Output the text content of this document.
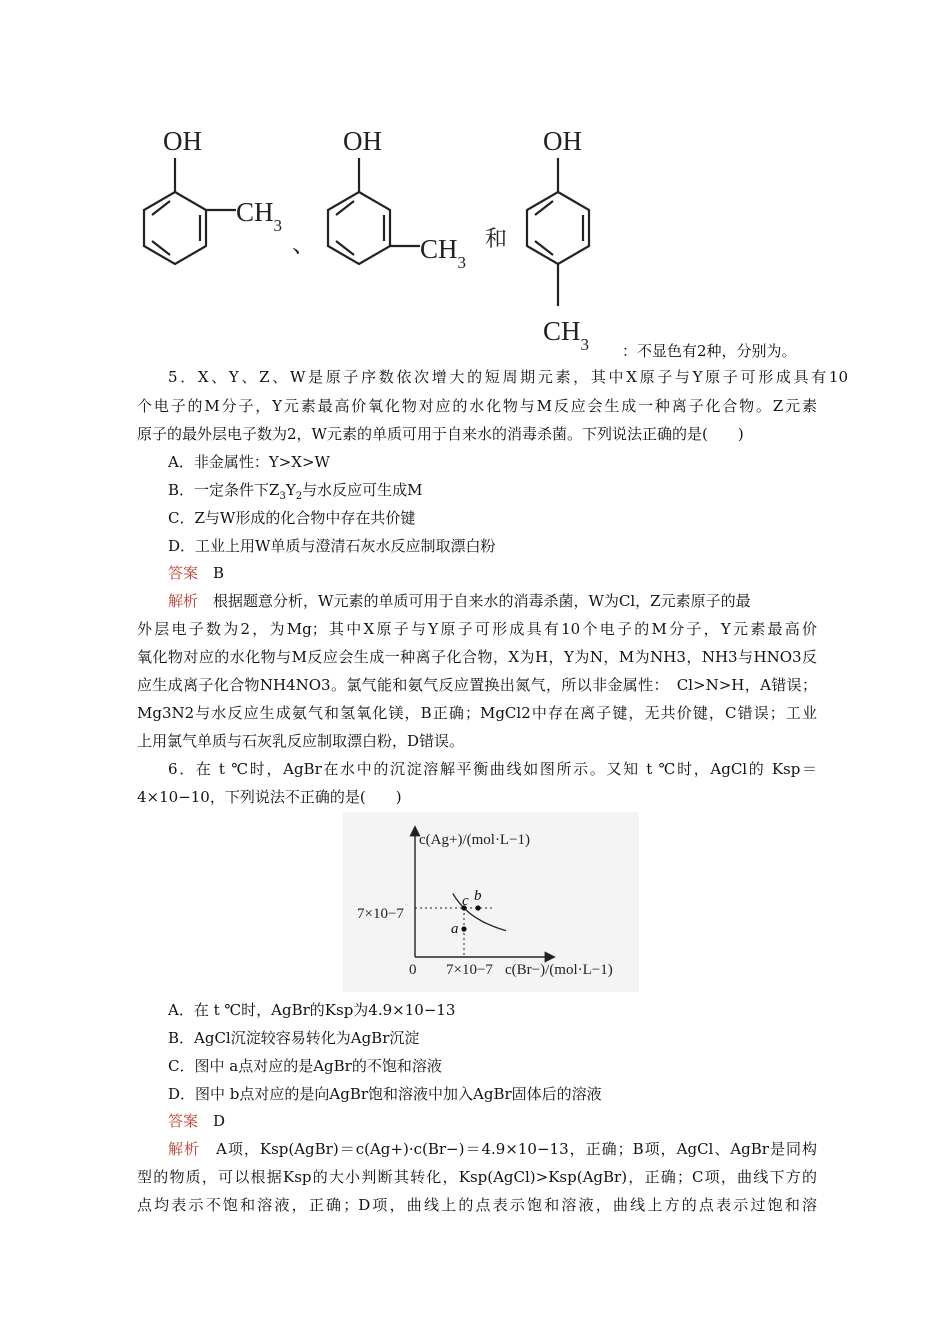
OH
$CH_3$
OH
$CH_3$
OH
$CH_3$
、	和
：不显色有2种，分别为。
5．X、Y、Z、W是原子序数依次增大的短周期元素，其中X原子与Y原子可形成具有10
个电子的M分子，Y元素最高价氧化物对应的水化物与M反应会生成一种离子化合物。Z元素
原子的最外层电子数为2，W元素的单质可用于自来水的消毒杀菌。下列说法正确的是(　　)
A．非金属性：Y>X>W
B．一定条件下$Z_3Y_2$与水反应可生成M
C．Z与W形成的化合物中存在共价键
D．工业上用W单质与澄清石灰水反应制取漂白粉
答案　 B
解析　 根据题意分析，W元素的单质可用于自来水的消毒杀菌，W为Cl，Z元素原子的最
外层电子数为2，为Mg；其中X原子与Y原子可形成具有10个电子的M分子，Y元素最高价
氧化物对应的水化物与M反应会生成一种离子化合物，X为H，Y为N，M为NH3，NH3与HNO3反
应生成离子化合物NH4NO3。氯气能和氨气反应置换出氮气，所以非金属性：　Cl>N>H，A错误；
Mg3N2与水反应生成氨气和氢氧化镁，B正确；MgCl2中存在离子键，无共价键，C错误；工业
上用氯气单质与石灰乳反应制取漂白粉，D错误。
6．在 t ℃时，AgBr在水中的沉淀溶解平衡曲线如图所示。又知 t ℃时，AgCl的 Ksp＝
4×10−10，下列说法不正确的是(　　)
a
b
c
c(Ag+)/(mol·L−1)
7×10−7
0 7×10−7 c(Br−)/(mol·L−1)
A．在 t ℃时，AgBr的Ksp为4.9×10−13
B．AgCl沉淀较容易转化为AgBr沉淀
C．图中 a点对应的是AgBr的不饱和溶液
D．图中 b点对应的是向AgBr饱和溶液中加入AgBr固体后的溶液
答案　 D
解析　 A项，Ksp(AgBr)＝c(Ag+)·c(Br−)＝4.9×10−13，正确；B项，AgCl、AgBr是同构
型的物质，可以根据Ksp的大小判断其转化，Ksp(AgCl)>Ksp(AgBr)，正确；C项，曲线下方的
点均表示不饱和溶液，正确；D项，曲线上的点表示饱和溶液，曲线上方的点表示过饱和溶
